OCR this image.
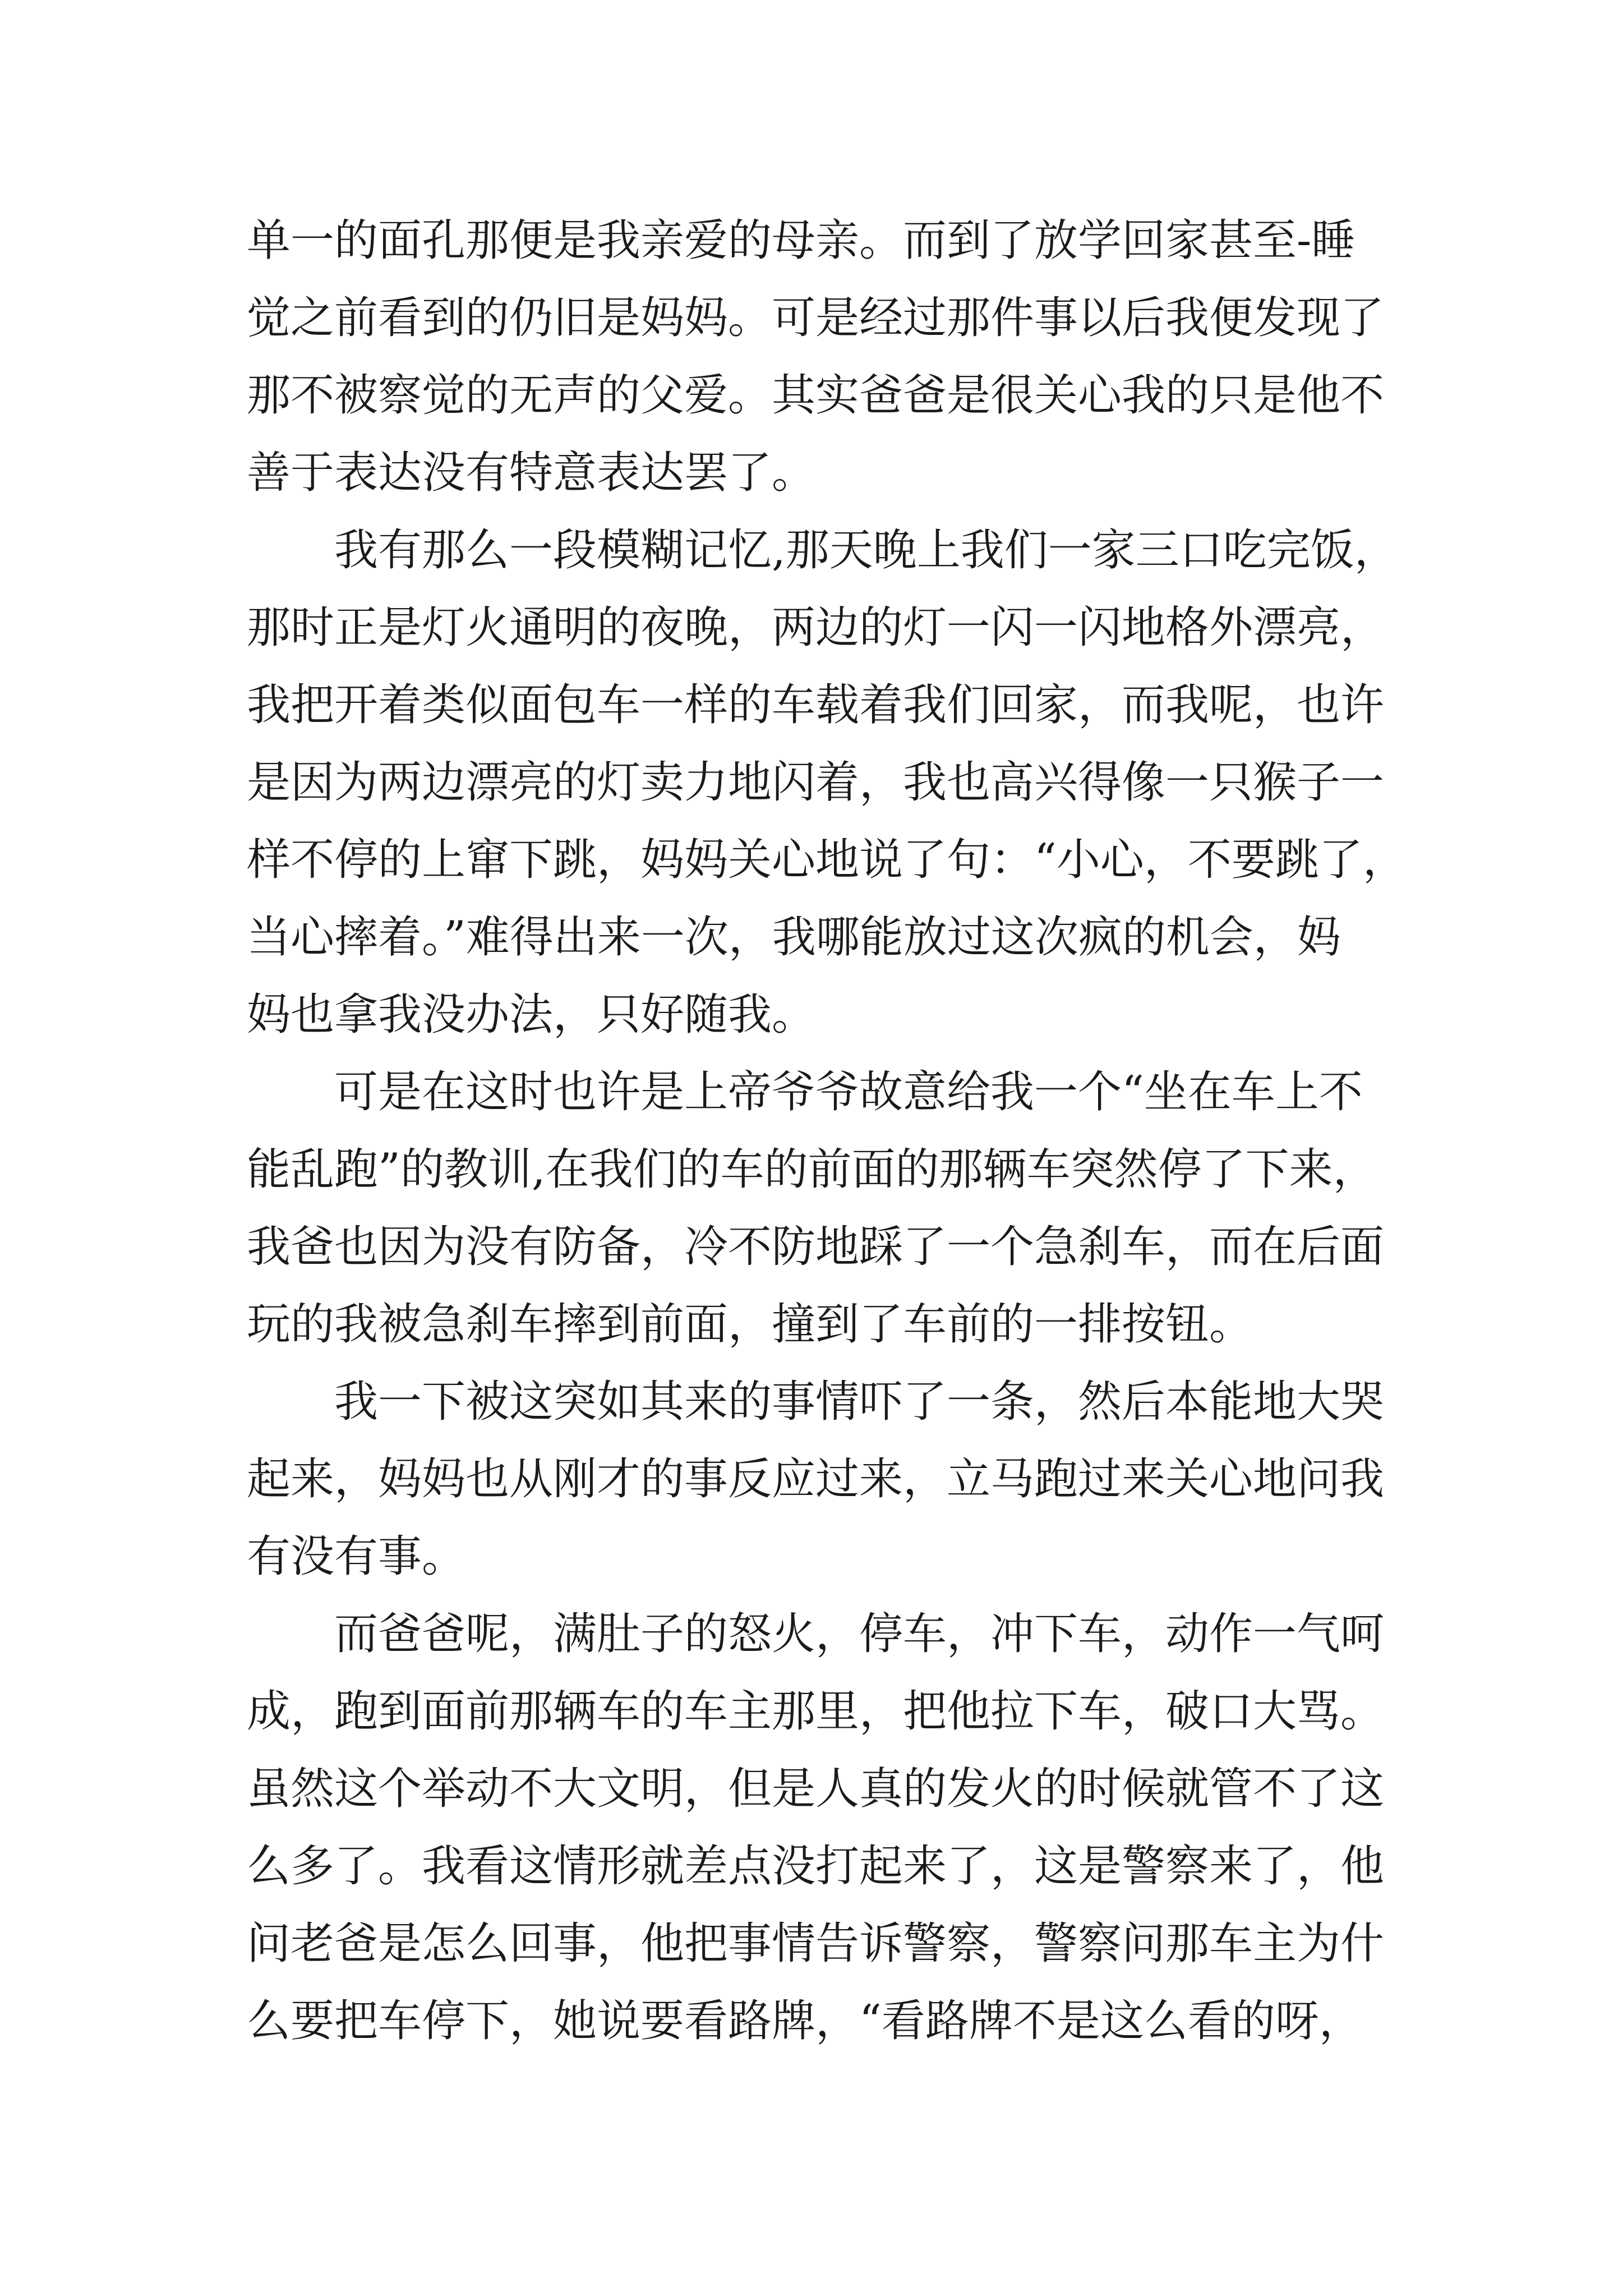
单一的面孔那便是我亲爱的母亲。而到了放学回家甚至-睡
觉之前看到的仍旧是妈妈。可是经过那件事以后我便发现了
那不被察觉的无声的父爱。其实爸爸是很关心我的只是他不
善于表达没有特意表达罢了。
我有那么一段模糊记忆,那天晚上我们一家三口吃完饭，
那时正是灯火通明的夜晚，两边的灯一闪一闪地格外漂亮，
我把开着类似面包车一样的车载着我们回家，而我呢，也许
是因为两边漂亮的灯卖力地闪着，我也高兴得像一只猴子一
样不停的上窜下跳，妈妈关心地说了句：“小心，不要跳了，
当心摔着。”难得出来一次，我哪能放过这次疯的机会，妈
妈也拿我没办法，只好随我。
可是在这时也许是上帝爷爷故意给我一个“坐在车上不
能乱跑”的教训,在我们的车的前面的那辆车突然停了下来，
我爸也因为没有防备，冷不防地踩了一个急刹车，而在后面
玩的我被急刹车摔到前面，撞到了车前的一排按钮。
我一下被这突如其来的事情吓了一条，然后本能地大哭
起来，妈妈也从刚才的事反应过来，立马跑过来关心地问我
有没有事。
而爸爸呢，满肚子的怒火，停车，冲下车，动作一气呵
成，跑到面前那辆车的车主那里，把他拉下车，破口大骂。
虽然这个举动不大文明，但是人真的发火的时候就管不了这
么多了。我看这情形就差点没打起来了，这是警察来了，他
问老爸是怎么回事，他把事情告诉警察，警察问那车主为什
么要把车停下，她说要看路牌，“看路牌不是这么看的呀，
